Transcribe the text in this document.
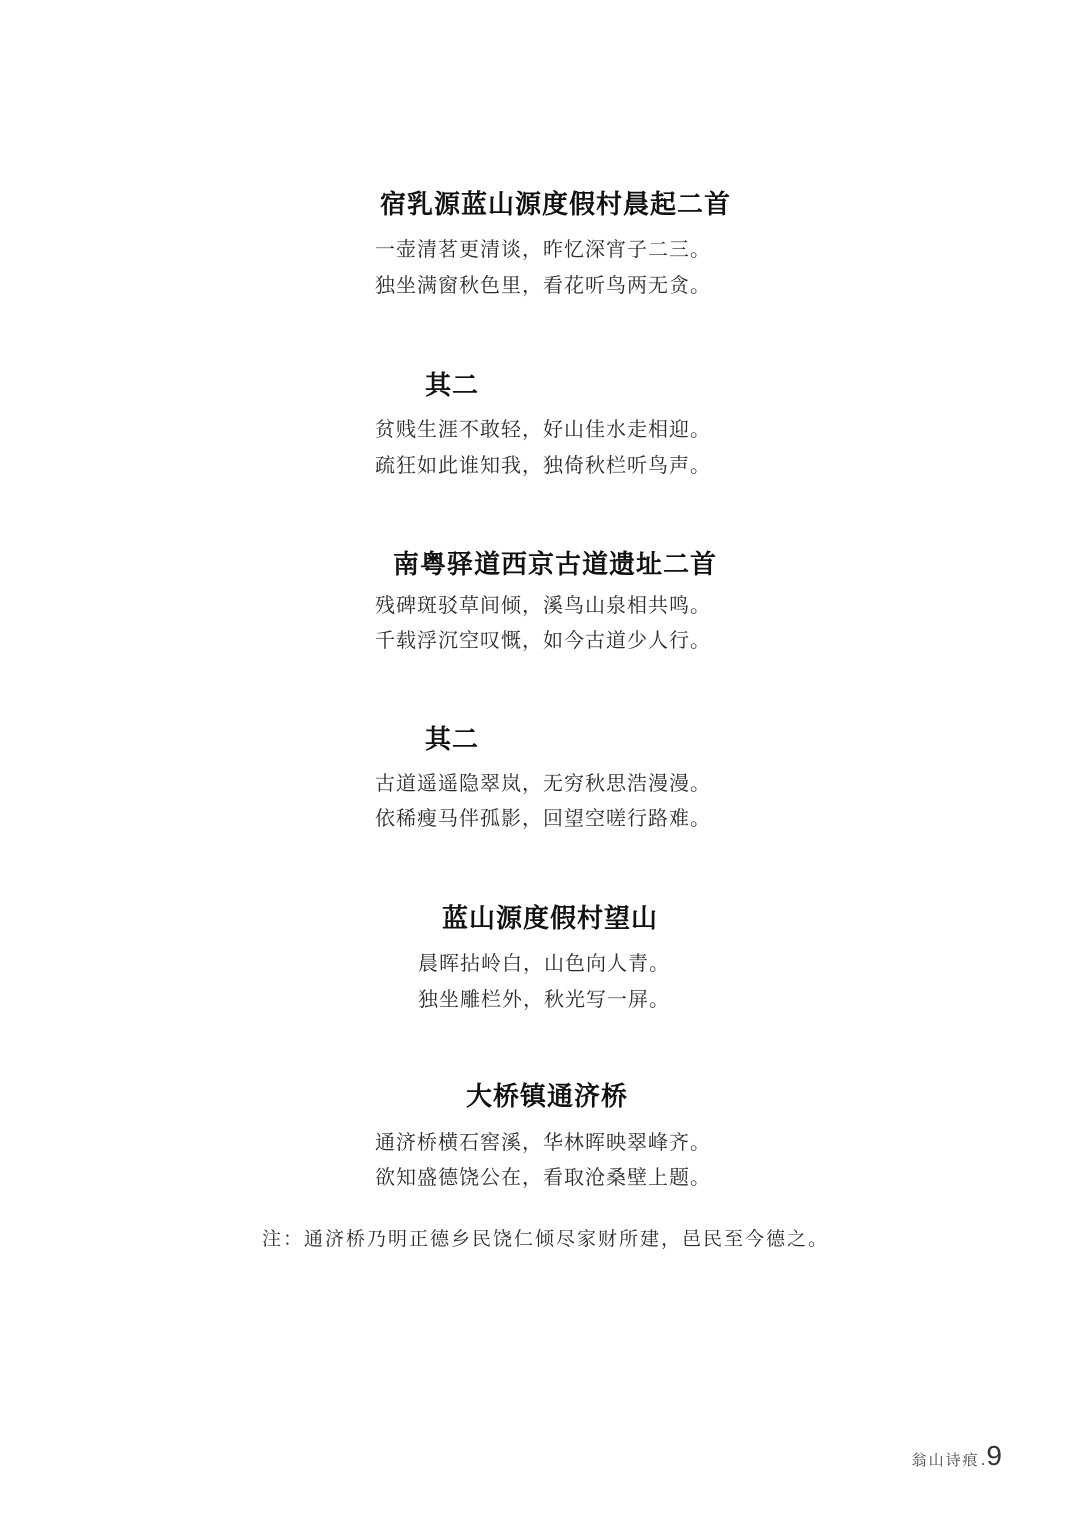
宿乳源蓝山源度假村晨起二首
一壶清茗更清谈，昨忆深宵子二三。
独坐满窗秋色里，看花听鸟两无贪。
其二
贫贱生涯不敢轻，好山佳水走相迎。
疏狂如此谁知我，独倚秋栏听鸟声。
南粤驿道西京古道遗址二首
残碑斑驳草间倾，溪鸟山泉相共鸣。
千载浮沉空叹慨，如今古道少人行。
其二
古道遥遥隐翠岚，无穷秋思浩漫漫。
依稀瘦马伴孤影，回望空嗟行路难。
蓝山源度假村望山
晨晖拈岭白，山色向人青。
独坐雕栏外，秋光写一屏。
大桥镇通济桥
通济桥横石窖溪，华林晖映翠峰齐。
欲知盛德饶公在，看取沧桑壁上题。
注：通济桥乃明正德乡民饶仁倾尽家财所建，邑民至今德之。
翁山诗痕 . 9
